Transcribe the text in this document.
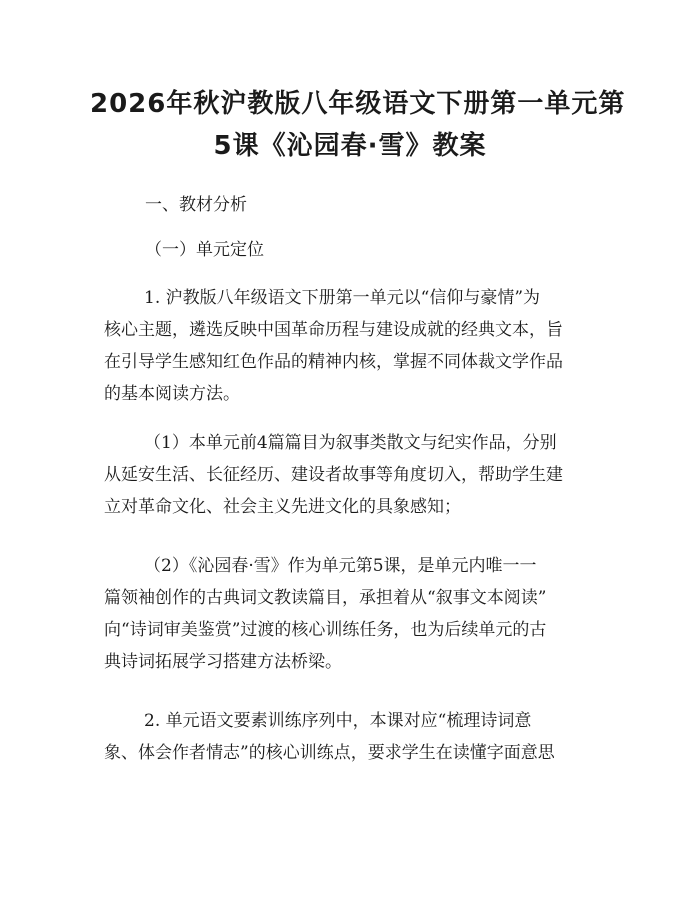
2026年秋沪教版八年级语文下册第一单元第
5课《沁园春·雪》教案
一、教材分析
（一）单元定位

1. 沪教版八年级语文下册第一单元以“信仰与豪情”为
核心主题，遴选反映中国革命历程与建设成就的经典文本，旨
在引导学生感知红色作品的精神内核，掌握不同体裁文学作品
的基本阅读方法。

（1）本单元前4篇篇目为叙事类散文与纪实作品，分别
从延安生活、长征经历、建设者故事等角度切入，帮助学生建
立对革命文化、社会主义先进文化的具象感知；

（2）《沁园春·雪》作为单元第5课，是单元内唯一一
篇领袖创作的古典词文教读篇目，承担着从“叙事文本阅读”
向“诗词审美鉴赏”过渡的核心训练任务，也为后续单元的古
典诗词拓展学习搭建方法桥梁。

2. 单元语文要素训练序列中，本课对应“梳理诗词意
象、体会作者情志”的核心训练点，要求学生在读懂字面意思
